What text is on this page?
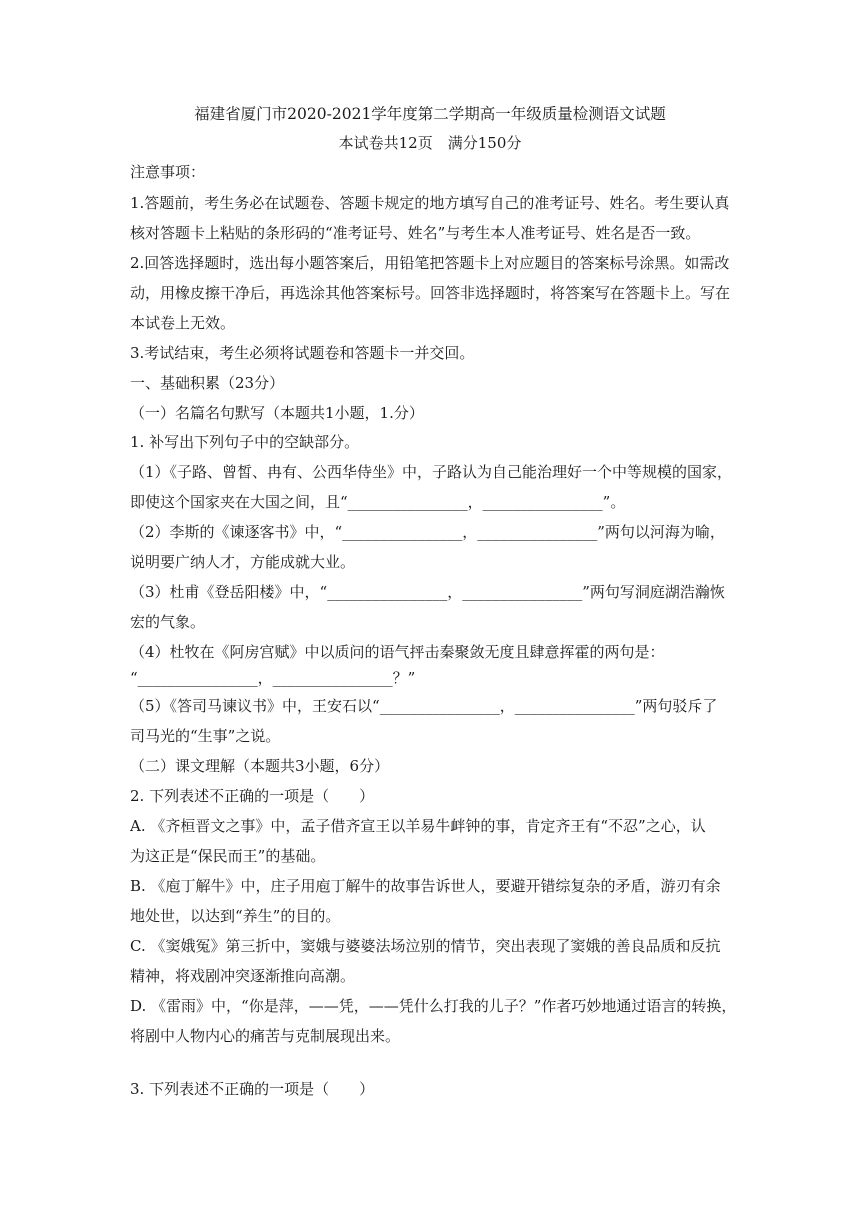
福建省厦门市2020-2021学年度第二学期高一年级质量检测语文试题
本试卷共12页　满分150分
注意事项：
1.答题前，考生务必在试题卷、答题卡规定的地方填写自己的准考证号、姓名。考生要认真
核对答题卡上粘贴的条形码的“准考证号、姓名”与考生本人准考证号、姓名是否一致。
2.回答选择题时，选出每小题答案后，用铅笔把答题卡上对应题目的答案标号涂黑。如需改
动，用橡皮擦干净后，再选涂其他答案标号。回答非选择题时，将答案写在答题卡上。写在
本试卷上无效。
3.考试结束，考生必须将试题卷和答题卡一并交回。
一、基础积累（23分）
（一）名篇名句默写（本题共1小题，1.分）
1. 补写出下列句子中的空缺部分。
（1）《子路、曾皙、冉有、公西华侍坐》中，子路认为自己能治理好一个中等规模的国家，
即使这个国家夹在大国之间，且“________________，________________”。
（2）李斯的《谏逐客书》中，“________________，________________”两句以河海为喻，
说明要广纳人才，方能成就大业。
（3）杜甫《登岳阳楼》中，“________________，________________”两句写洞庭湖浩瀚恢
宏的气象。
（4）杜牧在《阿房宫赋》中以质问的语气抨击秦聚敛无度且肆意挥霍的两句是：
“________________，________________？”
（5）《答司马谏议书》中，王安石以“________________，________________”两句驳斥了
司马光的“生事”之说。
（二）课文理解（本题共3小题，6分）
2. 下列表述不正确的一项是（　　）
A. 《齐桓晋文之事》中，孟子借齐宣王以羊易牛衅钟的事，肯定齐王有“不忍”之心，认
为这正是“保民而王”的基础。
B. 《庖丁解牛》中，庄子用庖丁解牛的故事告诉世人，要避开错综复杂的矛盾，游刃有余
地处世，以达到“养生”的目的。
C. 《窦娥冤》第三折中，窦娥与婆婆法场泣别的情节，突出表现了窦娥的善良品质和反抗
精神，将戏剧冲突逐渐推向高潮。
D. 《雷雨》中，“你是萍，——凭，——凭什么打我的儿子？”作者巧妙地通过语言的转换，
将剧中人物内心的痛苦与克制展现出来。
3. 下列表述不正确的一项是（　　）
